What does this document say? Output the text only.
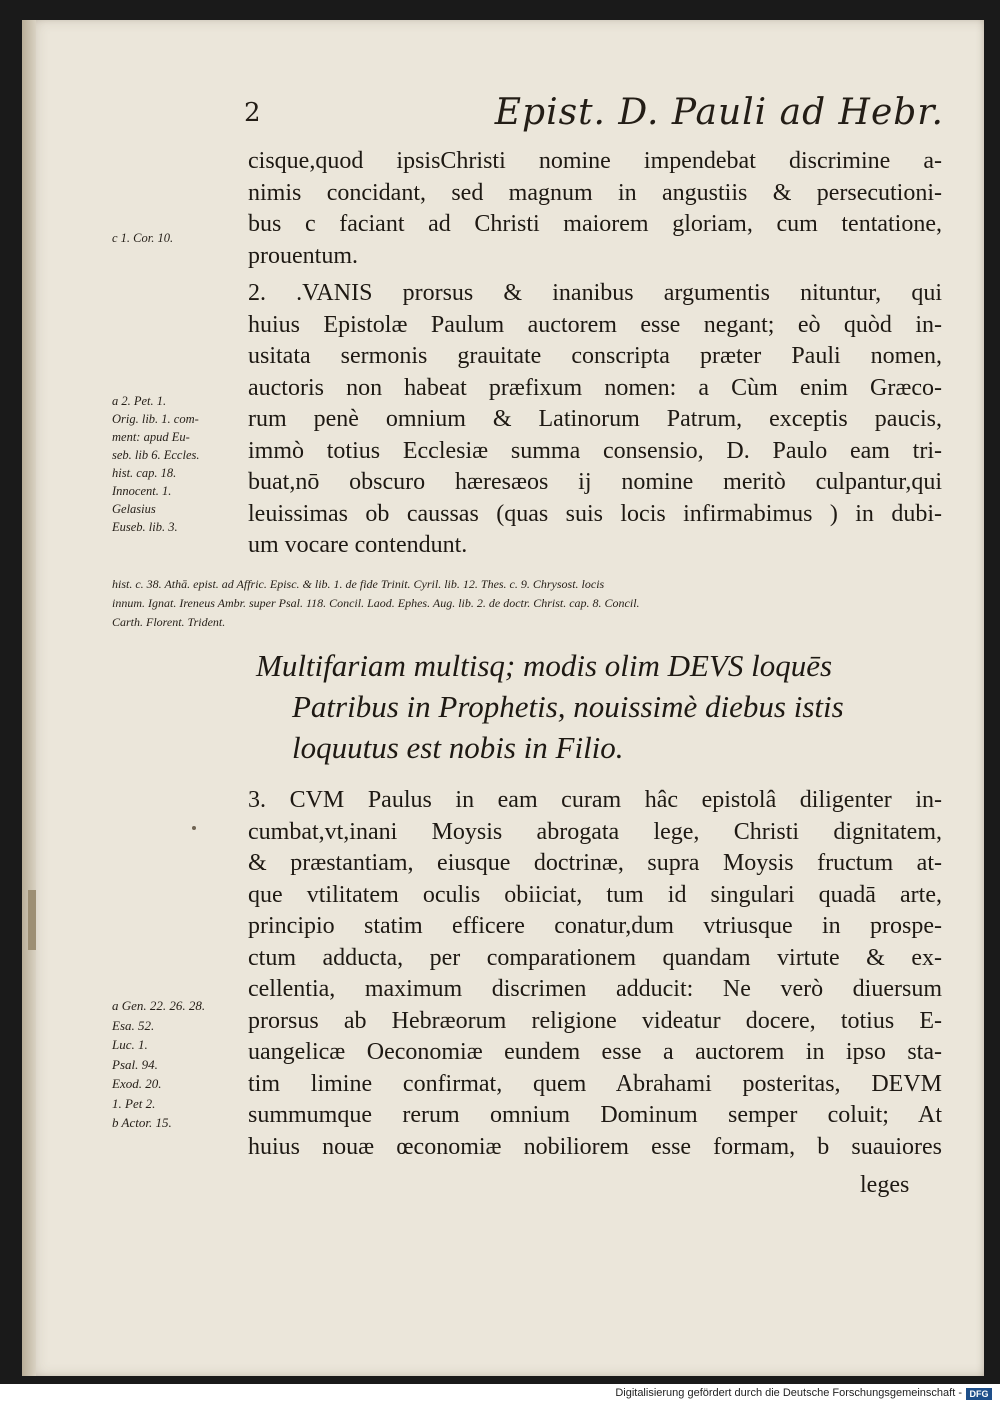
2	Epist. D. Pauli ad Hebr.
cisque,quod ipsisChristi nomine impendebat discrimine a-
nimis concidant, sed magnum in angustiis & persecutioni-
bus c faciant ad Christi maiorem gloriam, cum tentatione,
prouentum.
c 1. Cor. 10.
2. .VANIS prorsus & inanibus argumentis nituntur, qui
huius Epistolæ Paulum auctorem esse negant; eò quòd in-
usitata sermonis grauitate conscripta præter Pauli nomen,
auctoris non habeat præfixum nomen: a Cùm enim Græco-
rum penè omnium & Latinorum Patrum, exceptis paucis,
immò totius Ecclesiæ summa consensio, D. Paulo eam tri-
buat,nō obscuro hæresæos ij nomine meritò culpantur,qui
leuissimas ob caussas (quas suis locis infirmabimus ) in dubi-
um vocare contendunt.
a 2. Pet. 1.
Orig. lib. 1. com-
ment: apud Eu-
seb. lib 6. Eccles.
hist. cap. 18.
Innocent. 1.
Gelasius
Euseb. lib. 3.
hist. c. 38. Athā. epist. ad Affric. Episc. & lib. 1. de fide Trinit. Cyril. lib. 12. Thes. c. 9. Chrysost. locis
innum. Ignat. Ireneus Ambr. super Psal. 118. Concil. Laod. Ephes. Aug. lib. 2. de doctr. Christ. cap. 8. Concil.
Carth. Florent. Trident.
Multifariam multisq; modis olim DEVS loquēs
Patribus in Prophetis, nouissimè diebus istis
loquutus est nobis in Filio.
3. CVM Paulus in eam curam hâc epistolâ diligenter in-
cumbat,vt,inani Moysis abrogata lege, Christi dignitatem,
& præstantiam, eiusque doctrinæ, supra Moysis fructum at-
que vtilitatem oculis obiiciat, tum id singulari quadā arte,
principio statim efficere conatur,dum vtriusque in prospe-
ctum adducta, per comparationem quandam virtute & ex-
cellentia, maximum discrimen adducit: Ne verò diuersum
prorsus ab Hebræorum religione videatur docere, totius E-
uangelicæ Oeconomiæ eundem esse a auctorem in ipso sta-
tim limine confirmat, quem Abrahami posteritas, DEVM
summumque rerum omnium Dominum semper coluit; At
huius nouæ œconomiæ nobiliorem esse formam, b suauiores
a Gen. 22. 26. 28.
Esa. 52.
Luc. 1.
Psal. 94.
Exod. 20.
1. Pet 2.
b Actor. 15.
leges
Digitalisierung gefördert durch die Deutsche Forschungsgemeinschaft - DFG
